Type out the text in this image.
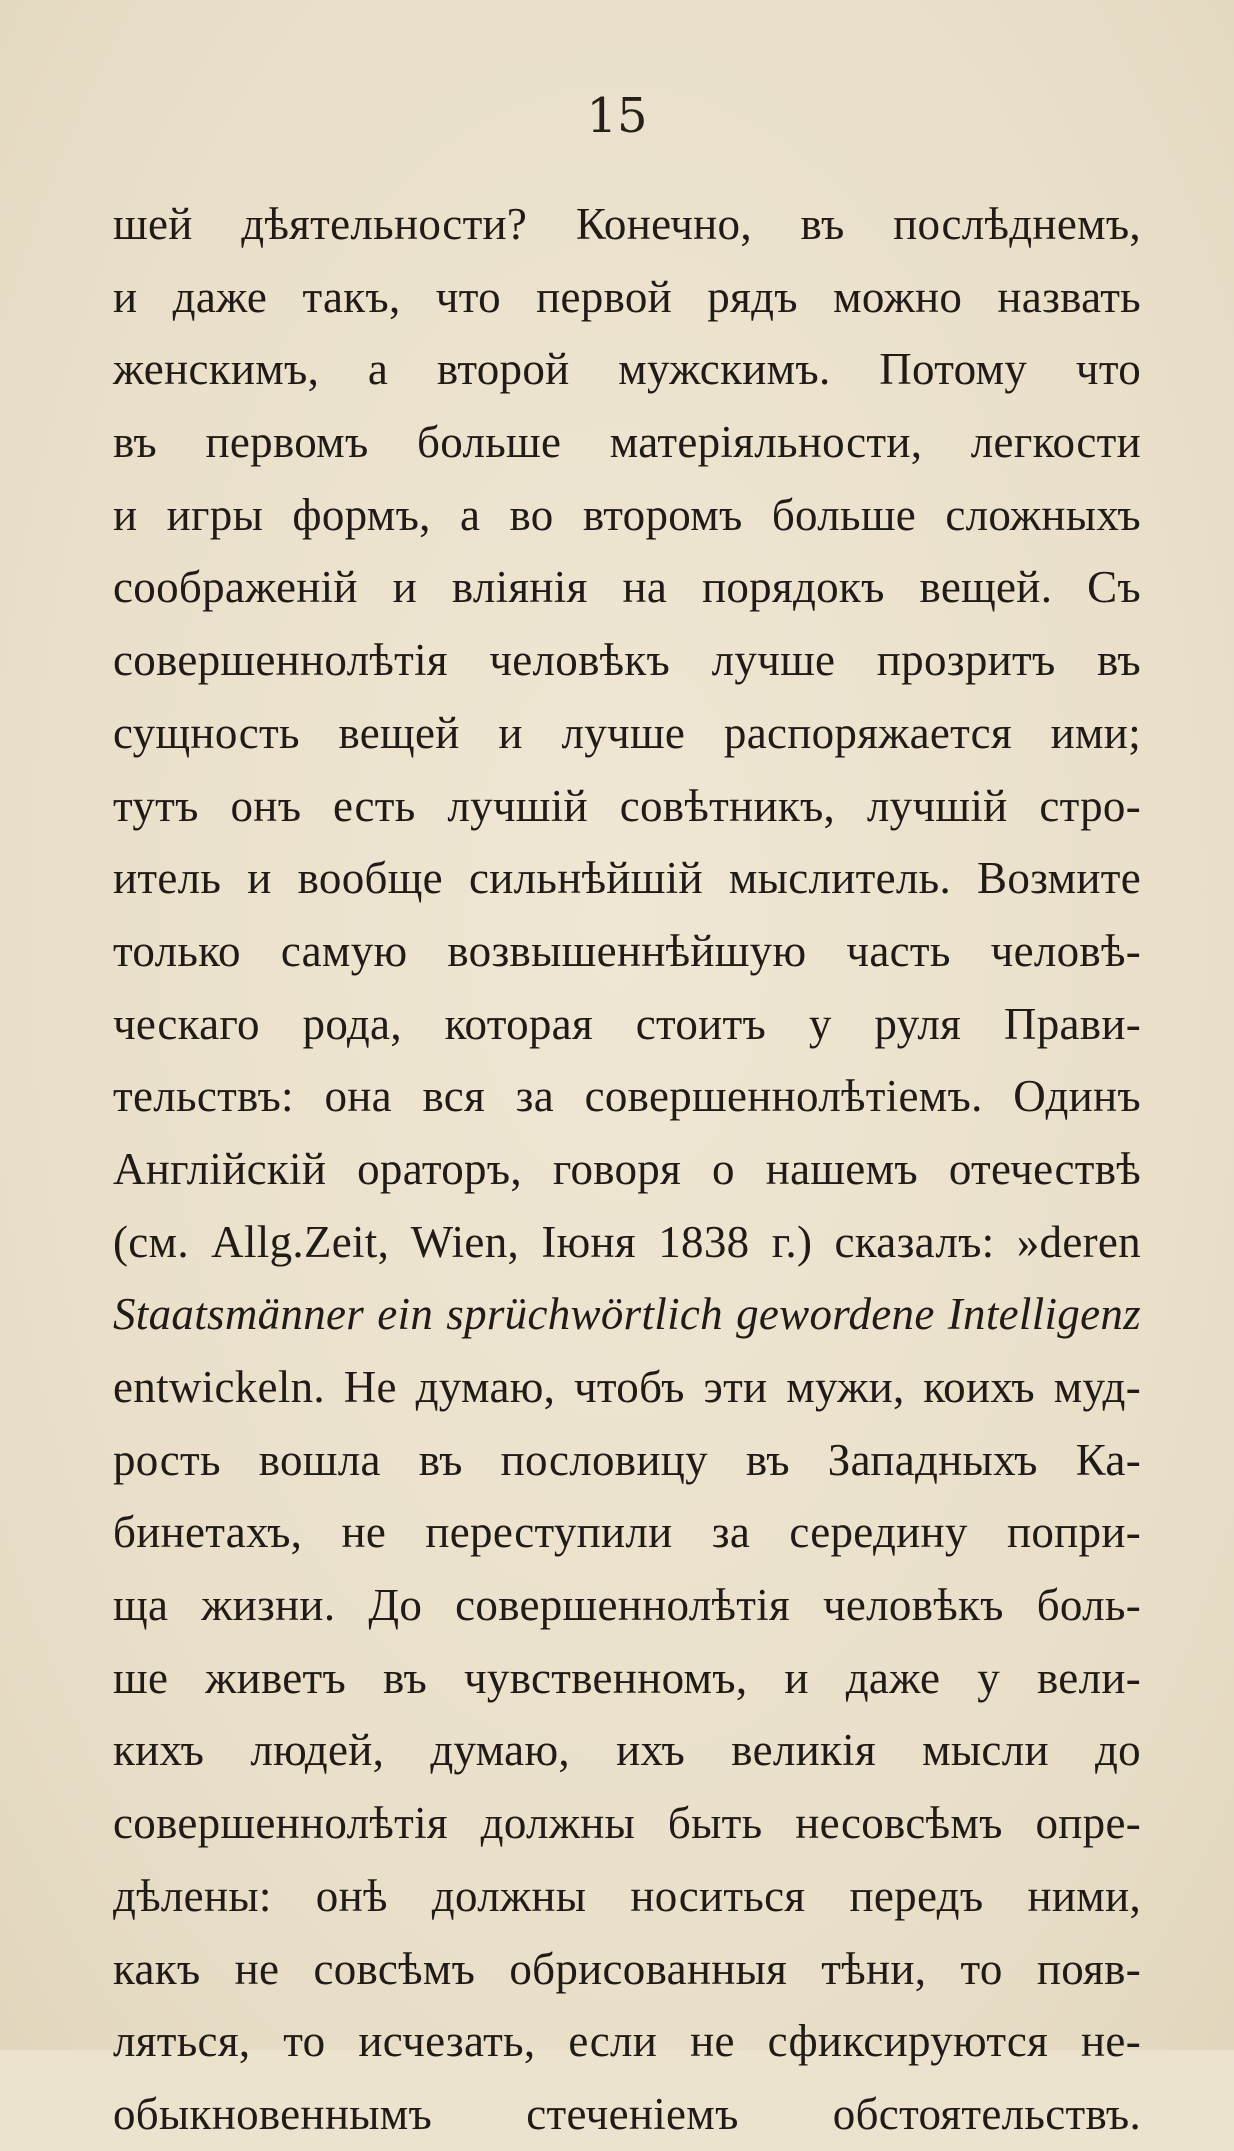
15
шей дѣятельности? Конечно, въ послѣднемъ,
и даже такъ, что первой рядъ можно назвать
женскимъ, а второй мужскимъ. Потому что
въ первомъ больше матеріяльности, легкости
и игры формъ, а во второмъ больше сложныхъ
соображеній и вліянія на порядокъ вещей. Съ
совершеннолѣтія человѣкъ лучше прозритъ въ
сущность вещей и лучше распоряжается ими;
тутъ онъ есть лучшій совѣтникъ, лучшій стро-
итель и вообще сильнѣйшій мыслитель. Возмите
только самую возвышеннѣйшую часть человѣ-
ческаго рода, которая стоитъ у руля Прави-
тельствъ: она вся за совершеннолѣтіемъ. Одинъ
Англійскій ораторъ, говоря о нашемъ отечествѣ
(см. Allg.Zeit, Wien, Іюня 1838 г.) сказалъ: »deren
Staatsmänner ein sprüchwörtlich gewordene Intelligenz
entwickeln. Не думаю, чтобъ эти мужи, коихъ муд-
рость вошла въ пословицу въ Западныхъ Ка-
бинетахъ, не переступили за середину попри-
ща жизни. До совершеннолѣтія человѣкъ боль-
ше живетъ въ чувственномъ, и даже у вели-
кихъ людей, думаю, ихъ великія мысли до
совершеннолѣтія должны быть несовсѣмъ опре-
дѣлены: онѣ должны носиться передъ ними,
какъ не совсѣмъ обрисованныя тѣни, то появ-
ляться, то исчезать, если не сфиксируются не-
обыкновеннымъ стеченіемъ обстоятельствъ.
